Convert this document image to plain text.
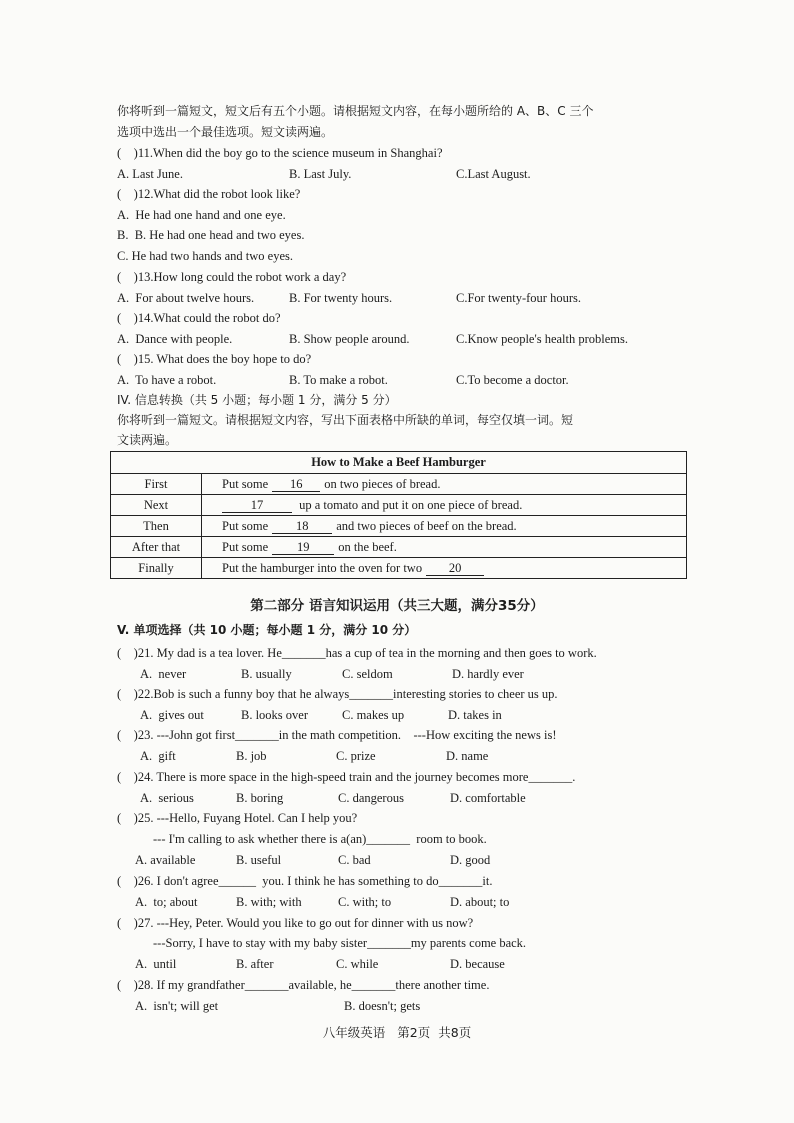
你将听到一篇短文，短文后有五个小题。请根据短文内容，在每小题所给的 A、B、C 三个
选项中选出一个最佳选项。短文读两遍。
(    )11.When did the boy go to the science museum in Shanghai?
A. Last June.	B. Last July.	C.Last August.
(    )12.What did the robot look like?
A.  He had one hand and one eye.
B.  B. He had one head and two eyes.
C. He had two hands and two eyes.
(    )13.How long could the robot work a day?
A.  For about twelve hours.	B. For twenty hours.	C.For twenty-four hours.
(    )14.What could the robot do?
A.  Dance with people.	B. Show people around.	C.Know people's health problems.
(    )15. What does the boy hope to do?
A.  To have a robot.	B. To make a robot.	C.To become a doctor.
IV. 信息转换（共 5 小题；每小题 1 分，满分 5 分）
你将听到一篇短文。请根据短文内容，写出下面表格中所缺的单词，每空仅填一词。短
文读两遍。
How to Make a Beef Hamburger	
First	Put some 16 on two pieces of bread.
Next	17 up a tomato and put it on one piece of bread.
Then	Put some 18 and two pieces of beef on the bread.
After that	Put some 19 on the beef.
Finally	Put the hamburger into the oven for two 20
第二部分 语言知识运用（共三大题，满分35分）
V. 单项选择（共 10 小题；每小题 1 分，满分 10 分）
(    )21. My dad is a tea lover. He_______has a cup of tea in the morning and then goes to work.
A.  never	B. usually	C. seldom	D. hardly ever
(    )22.Bob is such a funny boy that he always_______interesting stories to cheer us up.
A.  gives out	B. looks over	C. makes up	D. takes in
(    )23. ---John got first_______in the math competition.    ---How exciting the news is!
A.  gift	B. job	C. prize	D. name
(    )24. There is more space in the high-speed train and the journey becomes more_______.
A.  serious	B. boring	C. dangerous	D. comfortable
(    )25. ---Hello, Fuyang Hotel. Can I help you?
--- I'm calling to ask whether there is a(an)_______  room to book.
A. available	B. useful	C. bad	D. good
(    )26. I don't agree______  you. I think he has something to do_______it.
A.  to; about	B. with; with	C. with; to	D. about; to
(    )27. ---Hey, Peter. Would you like to go out for dinner with us now?
---Sorry, I have to stay with my baby sister_______my parents come back.
A.  until	B. after	C. while	D. because
(    )28. If my grandfather_______available, he_______there another time.
A.  isn't; will get	B. doesn't; gets
八年级英语 第2页 共8页
